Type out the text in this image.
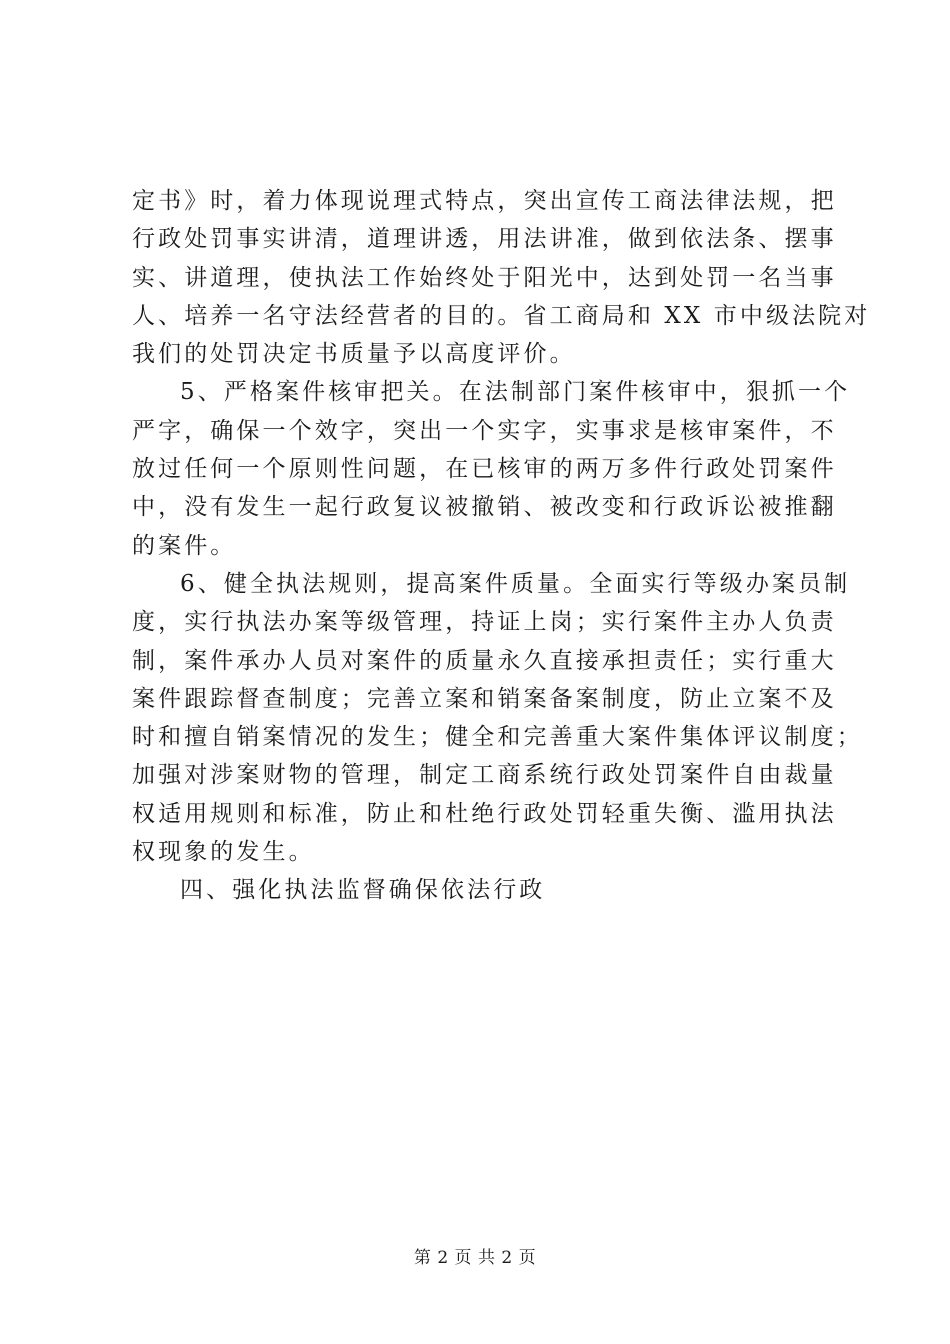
定书》时，着力体现说理式特点，突出宣传工商法律法规，把
行政处罚事实讲清，道理讲透，用法讲准，做到依法条、摆事
实、讲道理，使执法工作始终处于阳光中，达到处罚一名当事
人、培养一名守法经营者的目的。省工商局和 XX 市中级法院对
我们的处罚决定书质量予以高度评价。
5、严格案件核审把关。在法制部门案件核审中，狠抓一个
严字，确保一个效字，突出一个实字，实事求是核审案件，不
放过任何一个原则性问题，在已核审的两万多件行政处罚案件
中，没有发生一起行政复议被撤销、被改变和行政诉讼被推翻
的案件。
6、健全执法规则，提高案件质量。全面实行等级办案员制
度，实行执法办案等级管理，持证上岗；实行案件主办人负责
制，案件承办人员对案件的质量永久直接承担责任；实行重大
案件跟踪督查制度；完善立案和销案备案制度，防止立案不及
时和擅自销案情况的发生；健全和完善重大案件集体评议制度；
加强对涉案财物的管理，制定工商系统行政处罚案件自由裁量
权适用规则和标准，防止和杜绝行政处罚轻重失衡、滥用执法
权现象的发生。
四、强化执法监督确保依法行政
第 2 页 共 2 页
